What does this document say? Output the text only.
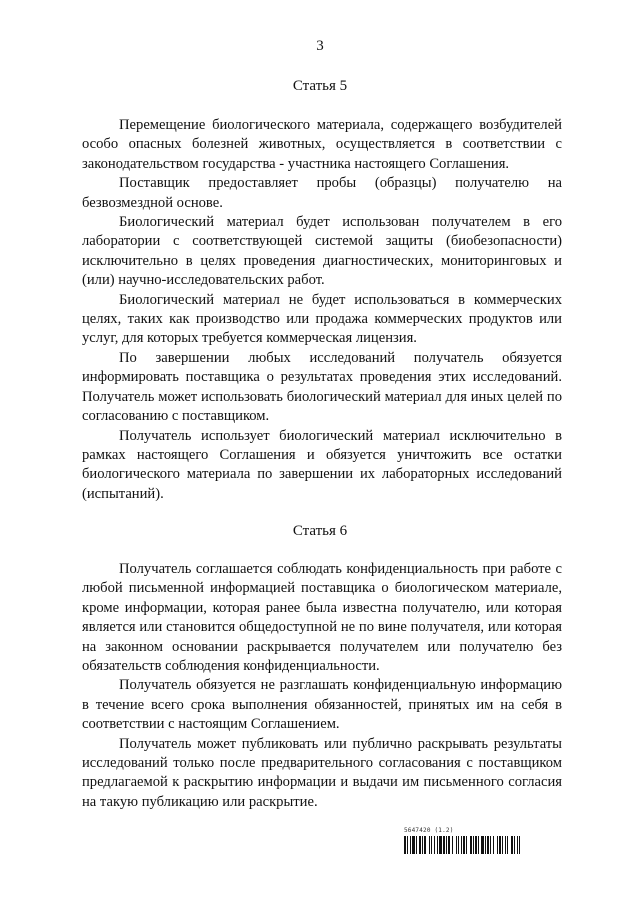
3
Статья 5

Перемещение биологического материала, содержащего возбудителей особо опасных болезней животных, осуществляется в соответствии с законодательством государства - участника настоящего Соглашения.

Поставщик предоставляет пробы (образцы) получателю на безвозмездной основе.

Биологический материал будет использован получателем в его лаборатории с соответствующей системой защиты (биобезопасности) исключительно в целях проведения диагностических, мониторинговых и (или) научно-исследовательских работ.

Биологический материал не будет использоваться в коммерческих целях, таких как производство или продажа коммерческих продуктов или услуг, для которых требуется коммерческая лицензия.

По завершении любых исследований получатель обязуется информировать поставщика о результатах проведения этих исследований. Получатель может использовать биологический материал для иных целей по согласованию с поставщиком.

Получатель использует биологический материал исключительно в рамках настоящего Соглашения и обязуется уничтожить все остатки биологического материала по завершении их лабораторных исследований (испытаний).

Статья 6

Получатель соглашается соблюдать конфиденциальность при работе с любой письменной информацией поставщика о биологическом материале, кроме информации, которая ранее была известна получателю, или которая является или становится общедоступной не по вине получателя, или которая на законном основании раскрывается получателем или получателю без обязательств соблюдения конфиденциальности.

Получатель обязуется не разглашать конфиденциальную информацию в течение всего срока выполнения обязанностей, принятых им на себя в соответствии с настоящим Соглашением.

Получатель может публиковать или публично раскрывать результаты исследований только после предварительного согласования с поставщиком предлагаемой к раскрытию информации и выдачи им письменного согласия на такую публикацию или раскрытие.

5647420 (1.2)
